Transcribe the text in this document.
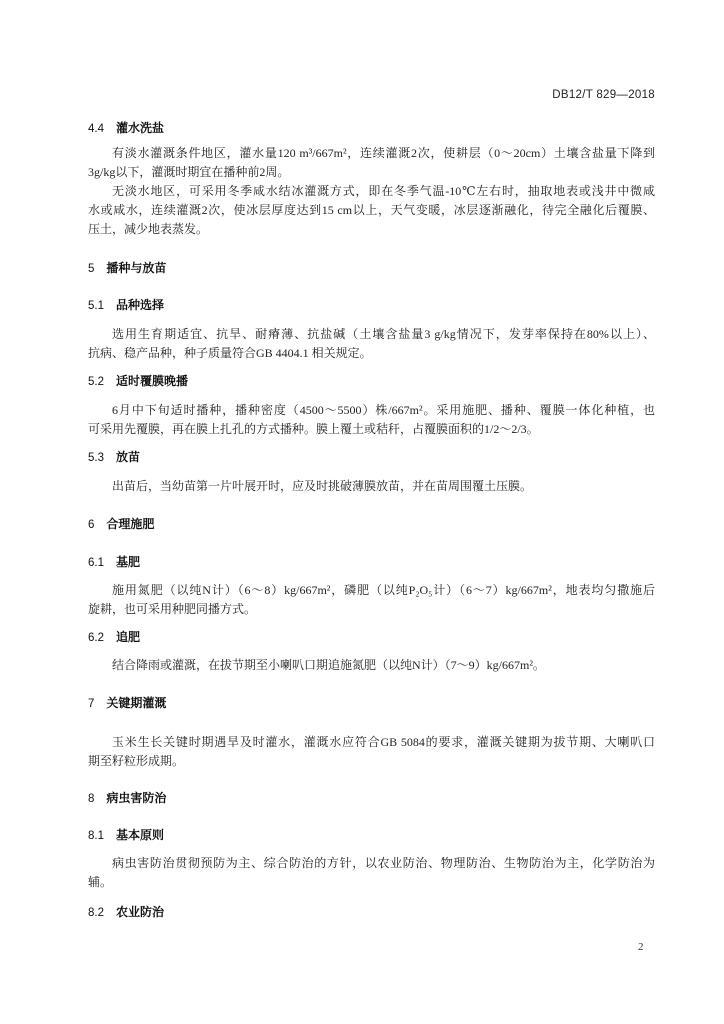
DB12/T 829—2018
4.4 灌水洗盐
有淡水灌溉条件地区，灌水量120 m³/667m²，连续灌溉2次，使耕层（0～20cm）土壤含盐量下降到
3g/kg以下，灌溉时期宜在播种前2周。
无淡水地区，可采用冬季咸水结冰灌溉方式，即在冬季气温-10℃左右时，抽取地表或浅井中微咸
水或咸水，连续灌溉2次，使冰层厚度达到15 cm以上，天气变暖，冰层逐渐融化，待完全融化后覆膜、
压土，减少地表蒸发。
5 播种与放苗
5.1 品种选择
选用生育期适宜、抗旱、耐瘠薄、抗盐碱（土壤含盐量3 g/kg情况下，发芽率保持在80%以上）、
抗病、稳产品种，种子质量符合GB 4404.1 相关规定。
5.2 适时覆膜晚播
6月中下旬适时播种，播种密度（4500～5500）株/667m²。采用施肥、播种、覆膜一体化种植，也
可采用先覆膜，再在膜上扎孔的方式播种。膜上覆土或秸秆，占覆膜面积的1/2～2/3。
5.3 放苗
出苗后，当幼苗第一片叶展开时，应及时挑破薄膜放苗，并在苗周围覆土压膜。
6 合理施肥
6.1 基肥
施用氮肥（以纯N计）（6～8）kg/667m²，磷肥（以纯P₂O₅计）（6～7）kg/667m²，地表均匀撒施后
旋耕，也可采用种肥同播方式。
6.2 追肥
结合降雨或灌溉，在拔节期至小喇叭口期追施氮肥（以纯N计）（7～9）kg/667m²。
7 关键期灌溉
玉米生长关键时期遇旱及时灌水，灌溉水应符合GB 5084的要求，灌溉关键期为拔节期、大喇叭口
期至籽粒形成期。
8 病虫害防治
8.1 基本原则
病虫害防治贯彻预防为主、综合防治的方针，以农业防治、物理防治、生物防治为主，化学防治为
辅。
8.2 农业防治
2
